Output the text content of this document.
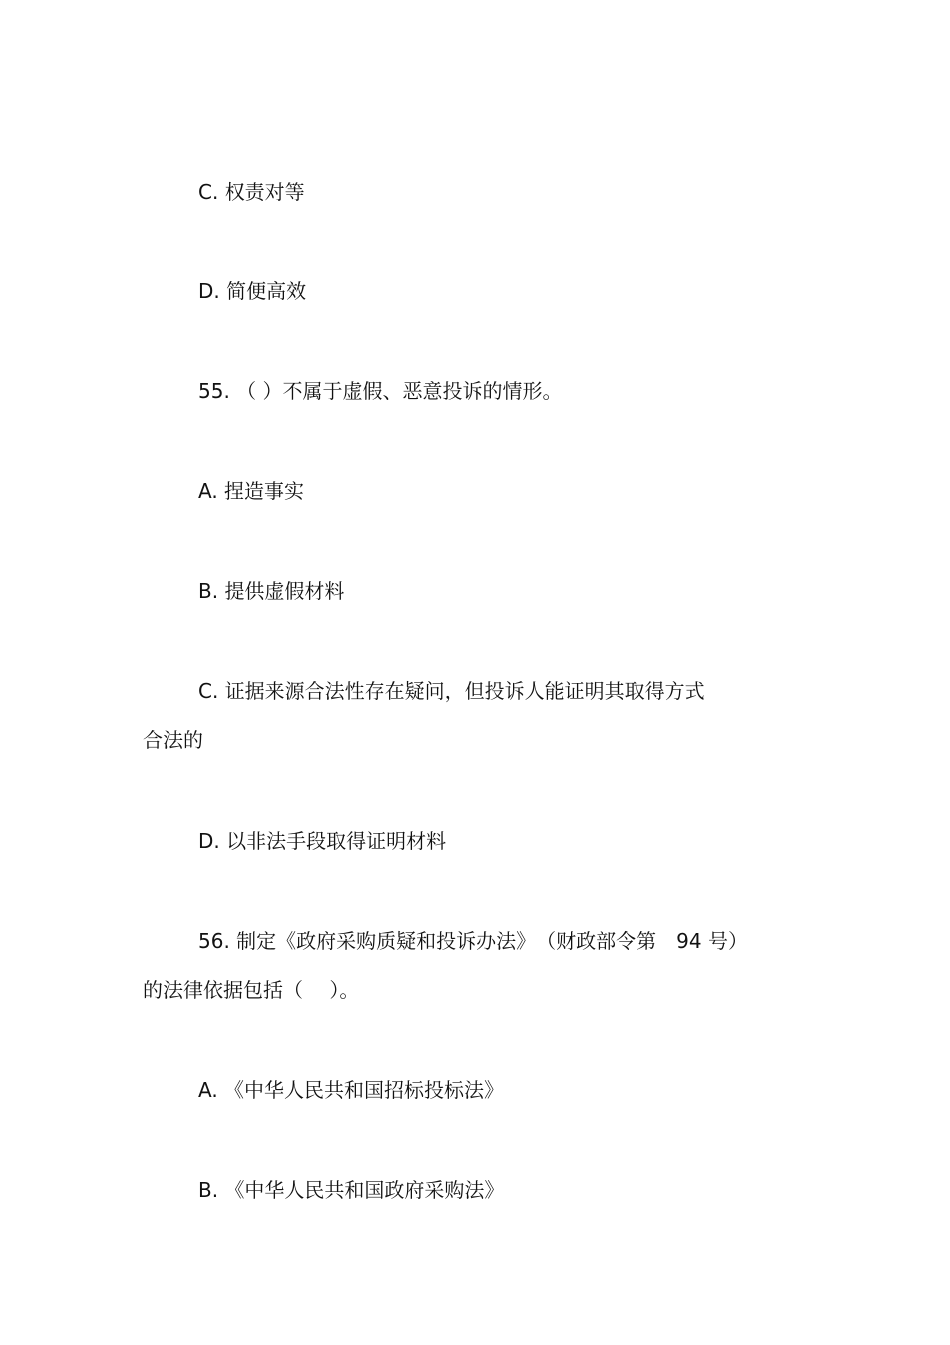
C. 权责对等

D. 简便高效

55. （ ）不属于虚假、恶意投诉的情形。

A. 捏造事实

B. 提供虚假材料

C. 证据来源合法性存在疑问，但投诉人能证明其取得方式

合法的

D. 以非法手段取得证明材料

56. 制定《政府采购质疑和投诉办法》　（财政部令第　94 号）

的法律依据包括（　 ）。

A. 《中华人民共和国招标投标法》

B. 《中华人民共和国政府采购法》
